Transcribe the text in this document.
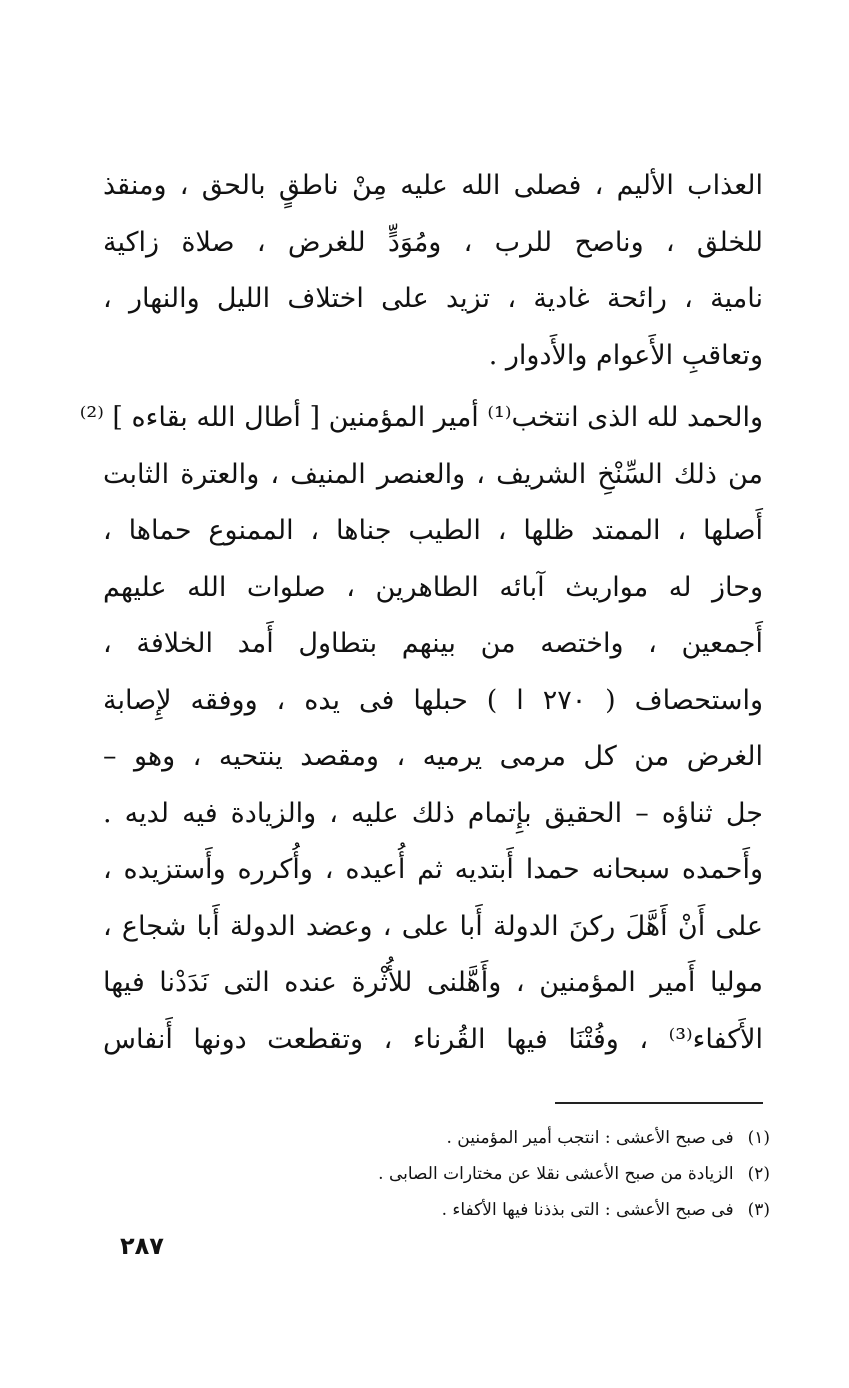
العذاب الأليم ، فصلى الله عليه مِنْ ناطقٍ بالحق ، ومنقذ
للخلق ، وناصح للرب ، ومُوَدٍّ للغرض ، صلاة زاكية
نامية ، رائحة غادية ، تزيد على اختلاف الليل والنهار ،
وتعاقبِ الأَعوام والأَدوار .
والحمد لله الذى انتخب⁽¹⁾ أمير المؤمنين [ أطال الله بقاءه ] ⁽²⁾
من ذلك السِّنْخِ الشريف ، والعنصر المنيف ، والعترة الثابت
أَصلها ، الممتد ظلها ، الطيب جناها ، الممنوع حماها ،
وحاز له مواريث آبائه الطاهرين ، صلوات الله عليهم
أَجمعين ، واختصه من بينهم بتطاول أَمد الخلافة ،
واستحصاف ( ٢٧٠ ا ) حبلها فى يده ، ووفقه لإِصابة
الغرض من كل مرمى يرميه ، ومقصد ينتحيه ، وهو –
جل ثناؤه – الحقيق بإِتمام ذلك عليه ، والزيادة فيه لديه .
وأَحمده سبحانه حمدا أَبتديه ثم أُعيده ، وأُكرره وأَستزيده ،
على أَنْ أَهَّلَ ركنَ الدولة أَبا على ، وعضد الدولة أَبا شجاع ،
موليا أَمير المؤمنين ، وأَهَّلنى للأُثْرة عنده التى نَدَدْنا فيها
الأَكفاء⁽³⁾ ، وفُتْنَا فيها القُرناء ، وتقطعت دونها أَنفاس
(١)فى صبح الأعشى : انتجب أمير المؤمنين .
(٢)الزيادة من صبح الأعشى نقلا عن مختارات الصابى .
(٣)فى صبح الأعشى : التى بذذنا فيها الأكفاء .
٢٨٧
